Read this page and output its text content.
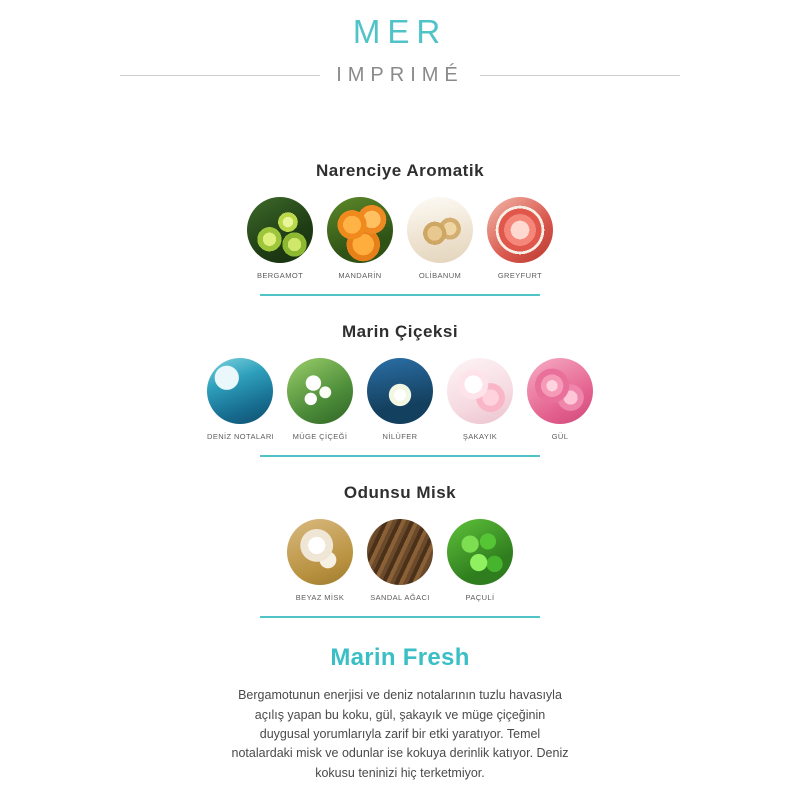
MER
IMPRIMÉ
Narenciye Aromatik
BERGAMOT	MANDARİN	OLİBANUM	GREYFURT
Marin Çiçeksi
DENİZ NOTALARI	MÜGE ÇİÇEĞİ	NİLÜFER	ŞAKAYIK	GÜL
Odunsu Misk
BEYAZ MİSK	SANDAL AĞACI	PAÇULİ
Marin Fresh
Bergamotunun enerjisi ve deniz notalarının tuzlu havasıyla açılış yapan bu koku, gül, şakayık ve müge çiçeğinin duygusal yorumlarıyla zarif bir etki yaratıyor. Temel notalardaki misk ve odunlar ise kokuya derinlik katıyor. Deniz kokusu teninizi hiç terketmiyor.
